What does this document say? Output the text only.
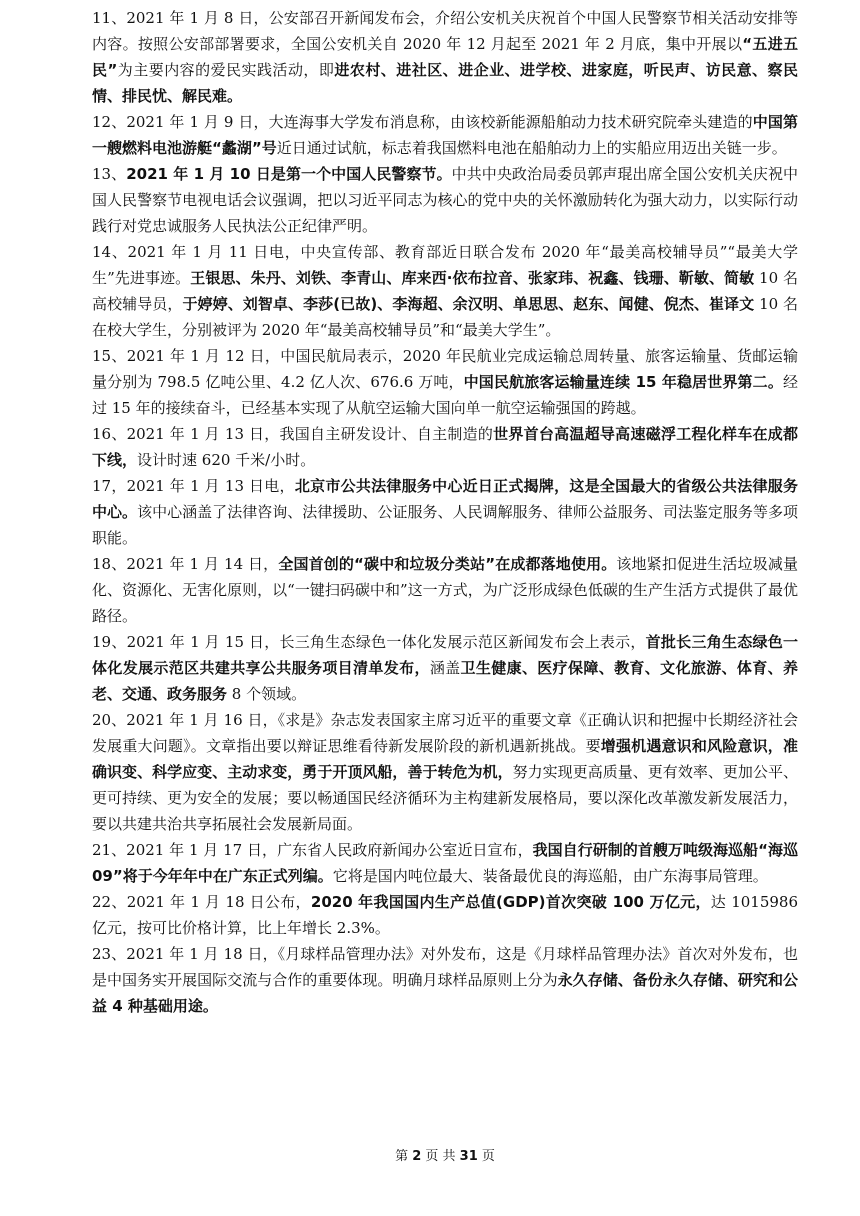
11、2021 年 1 月 8 日，公安部召开新闻发布会，介绍公安机关庆祝首个中国人民警察节相关活动安排等内容。按照公安部部署要求，全国公安机关自 2020 年 12 月起至 2021 年 2 月底，集中开展以“五进五民”为主要内容的爱民实践活动，即进农村、进社区、进企业、进学校、进家庭，听民声、访民意、察民情、排民忧、解民难。

12、2021 年 1 月 9 日，大连海事大学发布消息称，由该校新能源船舶动力技术研究院牵头建造的中国第一艘燃料电池游艇“蠡湖”号近日通过试航，标志着我国燃料电池在船舶动力上的实船应用迈出关链一步。

13、2021 年 1 月 10 日是第一个中国人民警察节。中共中央政治局委员郭声琨出席全国公安机关庆祝中国人民警察节电视电话会议强调，把以习近平同志为核心的党中央的关怀激励转化为强大动力，以实际行动践行对党忠诚服务人民执法公正纪律严明。

14、2021 年 1 月 11 日电，中央宣传部、教育部近日联合发布 2020 年“最美高校辅导员”“最美大学生”先进事迹。王银思、朱丹、刘铁、李青山、库来西·依布拉音、张家玮、祝鑫、钱珊、靳敏、简敏 10 名高校辅导员，于婷婷、刘智卓、李莎(已故)、李海超、余汉明、单思思、赵东、闻健、倪杰、崔译文 10 名在校大学生，分别被评为 2020 年“最美高校辅导员”和“最美大学生”。

15、2021 年 1 月 12 日，中国民航局表示，2020 年民航业完成运输总周转量、旅客运输量、货邮运输量分别为 798.5 亿吨公里、4.2 亿人次、676.6 万吨，中国民航旅客运输量连续 15 年稳居世界第二。经过 15 年的接续奋斗，已经基本实现了从航空运输大国向单一航空运输强国的跨越。

16、2021 年 1 月 13 日，我国自主研发设计、自主制造的世界首台高温超导高速磁浮工程化样车在成都下线，设计时速 620 千米/小时。

17，2021 年 1 月 13 日电，北京市公共法律服务中心近日正式揭牌，这是全国最大的省级公共法律服务中心。该中心涵盖了法律咨询、法律援助、公证服务、人民调解服务、律师公益服务、司法鉴定服务等多项职能。

18、2021 年 1 月 14 日，全国首创的“碳中和垃圾分类站”在成都落地使用。该地紧扣促进生活垃圾减量化、资源化、无害化原则，以“一键扫码碳中和”这一方式，为广泛形成绿色低碳的生产生活方式提供了最优路径。

19、2021 年 1 月 15 日，长三角生态绿色一体化发展示范区新闻发布会上表示，首批长三角生态绿色一体化发展示范区共建共享公共服务项目清单发布，涵盖卫生健康、医疗保障、教育、文化旅游、体育、养老、交通、政务服务 8 个领域。

20、2021 年 1 月 16 日，《求是》杂志发表国家主席习近平的重要文章《正确认识和把握中长期经济社会发展重大问题》。文章指出要以辩证思维看待新发展阶段的新机遇新挑战。要增强机遇意识和风险意识，准确识变、科学应变、主动求变，勇于开顶风船，善于转危为机，努力实现更高质量、更有效率、更加公平、更可持续、更为安全的发展；要以畅通国民经济循环为主构建新发展格局，要以深化改革激发新发展活力，要以共建共治共享拓展社会发展新局面。

21、2021 年 1 月 17 日，广东省人民政府新闻办公室近日宣布，我国自行研制的首艘万吨级海巡船“海巡 09”将于今年年中在广东正式列编。它将是国内吨位最大、装备最优良的海巡船，由广东海事局管理。

22、2021 年 1 月 18 日公布，2020 年我国国内生产总值(GDP)首次突破 100 万亿元，达 1015986 亿元，按可比价格计算，比上年增长 2.3%。

23、2021 年 1 月 18 日，《月球样品管理办法》对外发布，这是《月球样品管理办法》首次对外发布，也是中国务实开展国际交流与合作的重要体现。明确月球样品原则上分为永久存储、备份永久存储、研究和公益 4 种基础用途。

第 2 页 共 31 页
